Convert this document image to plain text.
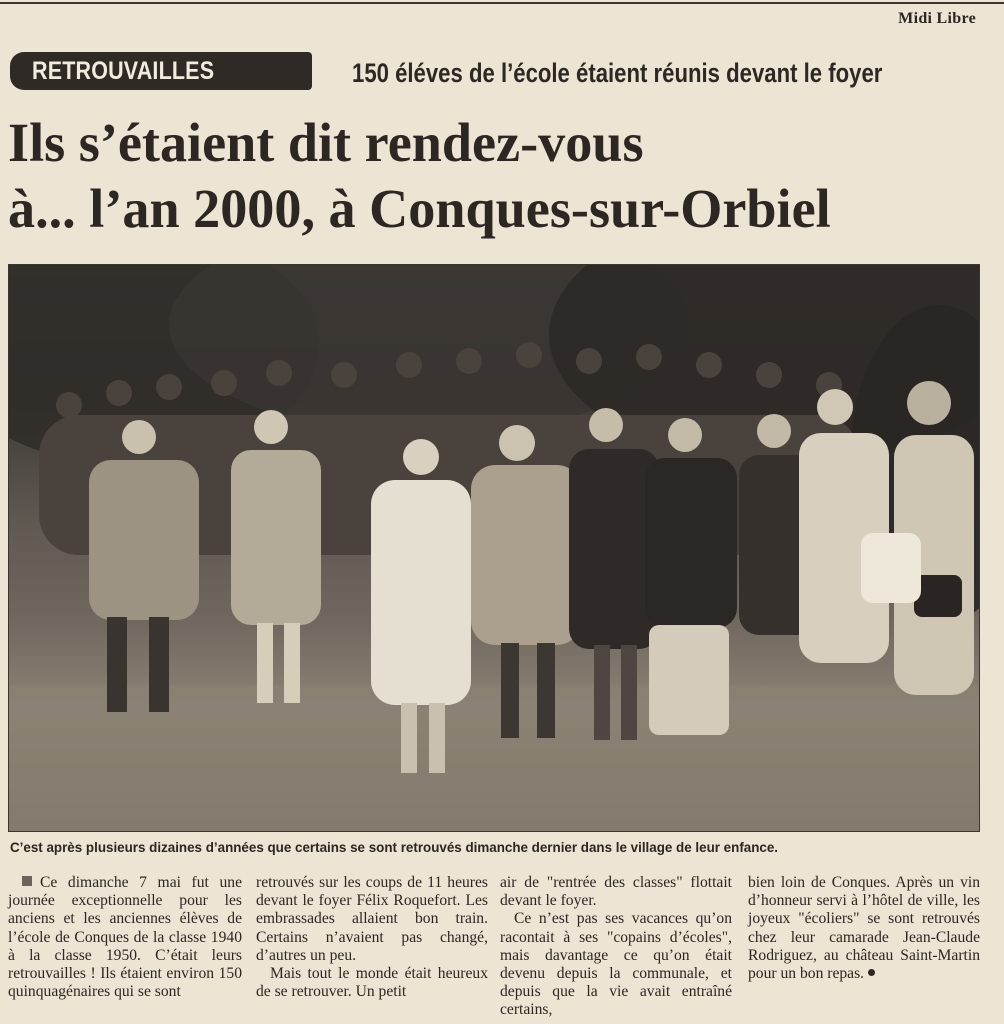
Midi Libre
RETROUVAILLES	150 éléves de l’école étaient réunis devant le foyer
Ils s’étaient dit rendez-vous
à... l’an 2000, à Conques-sur-Orbiel
C’est après plusieurs dizaines d’années que certains se sont retrouvés dimanche dernier dans le village de leur enfance.

Ce dimanche 7 mai fut une journée exceptionnelle pour les anciens et les anciennes élèves de l’école de Conques de la classe 1940 à la classe 1950. C’était leurs retrouvailles ! Ils étaient environ 150 quinquagénaires qui se sont

retrouvés sur les coups de 11 heures devant le foyer Félix Roquefort. Les embrassades allaient bon train. Certains n’avaient pas changé, d’autres un peu.

Mais tout le monde était heureux de se retrouver. Un petit

air de "rentrée des classes" flottait devant le foyer.

Ce n’est pas ses vacances qu’on racontait à ses "copains d’écoles", mais davantage ce qu’on était devenu depuis la communale, et depuis que la vie avait entraîné certains,

bien loin de Conques. Après un vin d’honneur servi à l’hôtel de ville, les joyeux "écoliers" se sont retrouvés chez leur camarade Jean-Claude Rodriguez, au château Saint-Martin pour un bon repas.
